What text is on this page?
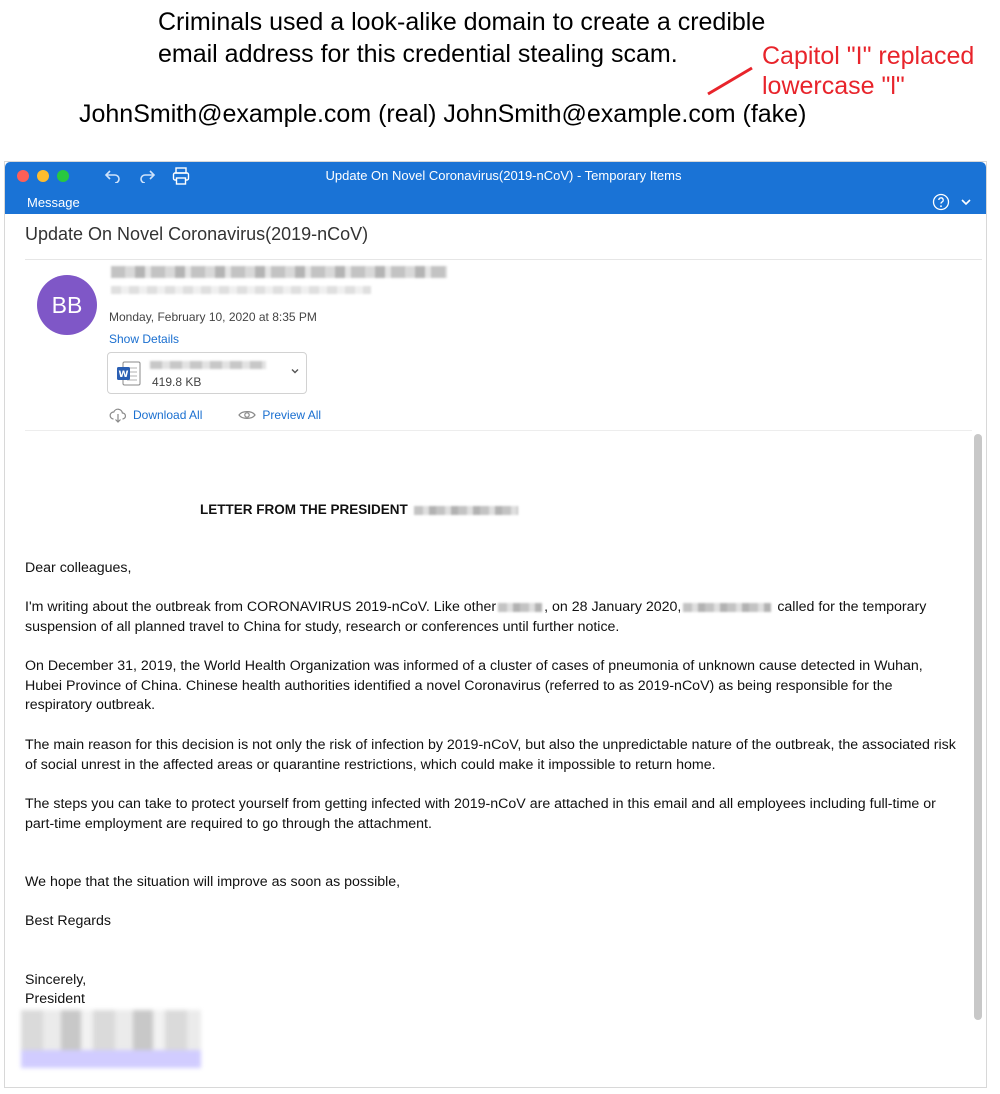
Criminals used a look-alike domain to create a credible
email address for this credential stealing scam.	Capitol "I" replaced
lowercase "l"
JohnSmith@example.com (real) JohnSmith@example.com (fake)
Update On Novel Coronavirus(2019-nCoV) - Temporary Items
Message
Update On Novel Coronavirus(2019-nCoV)
BB	Monday, February 10, 2020 at 8:35 PM
Show Details
W 419.8 KB
Download All	Preview All
LETTER FROM THE PRESIDENT

Dear colleagues,

I'm writing about the outbreak from CORONAVIRUS 2019-nCoV. Like other	, on 28 January 2020,	called for the temporary suspension of all planned travel to China for study, research or conferences until further notice.

On December 31, 2019, the World Health Organization was informed of a cluster of cases of pneumonia of unknown cause detected in Wuhan, Hubei Province of China. Chinese health authorities identified a novel Coronavirus (referred to as 2019-nCoV) as being responsible for the respiratory outbreak.

The main reason for this decision is not only the risk of infection by 2019-nCoV, but also the unpredictable nature of the outbreak, the associated risk of social unrest in the affected areas or quarantine restrictions, which could make it impossible to return home.

The steps you can take to protect yourself from getting infected with 2019-nCoV are attached in this email and all employees including full-time or part-time employment are required to go through the attachment.

We hope that the situation will improve as soon as possible,

Best Regards

Sincerely,

President
